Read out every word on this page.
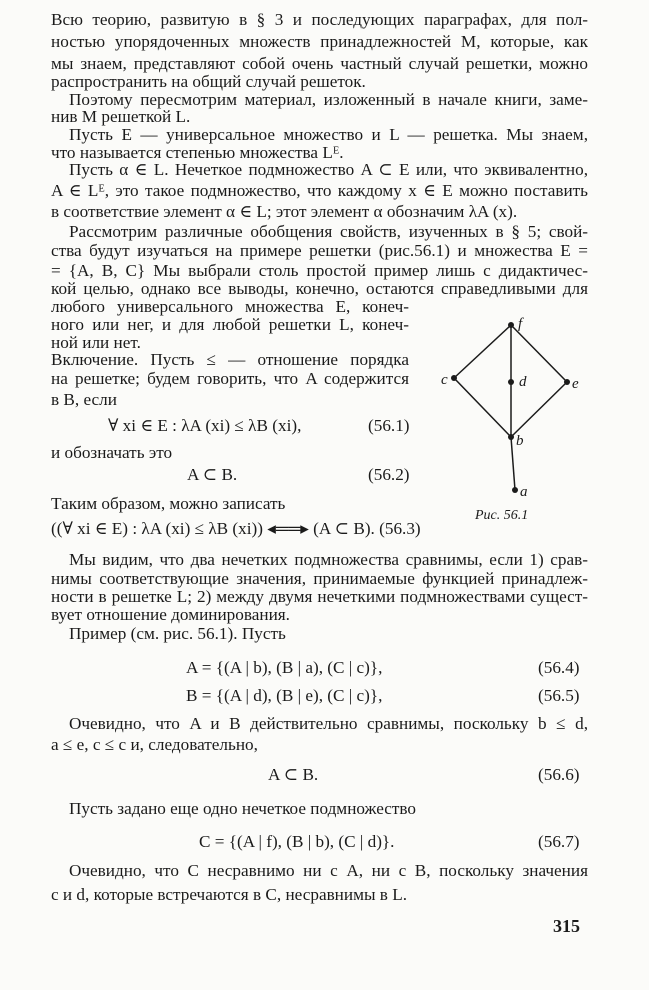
Всю теорию, развитую в § 3 и последующих параграфах, для пол-
ностью упорядоченных множеств принадлежностей M, которые, как
мы знаем, представляют собой очень частный случай решетки, можно
распространить на общий случай решеток.
Поэтому пересмотрим материал, изложенный в начале книги, заме-
нив M решеткой L.
Пусть E — универсальное множество и L — решетка. Мы знаем,
что называется степенью множества Lᴱ.
Пусть α ∈ L. Нечеткое подмножество A ⊂ E или, что эквивалентно,
A ∈ Lᴱ, это такое подмножество, что каждому x ∈ E можно поставить
в соответствие элемент α ∈ L; этот элемент α обозначим λA (x).
Рассмотрим различные обобщения свойств, изученных в § 5; свой-
ства будут изучаться на примере решетки (рис.56.1) и множества E =
= {A, B, C} Мы выбрали столь простой пример лишь с дидактичес-
кой целью, однако все выводы, конечно, остаются справедливыми для
любого универсального множества E, конеч-
ного или нег, и для любой решетки L, конеч-
ной или нет.
Включение. Пусть ≤ — отношение порядка
на решетке; будем говорить, что A содержится
в B, если
∀ xi ∈ E : λA (xi) ≤ λB (xi),	(56.1)
и обозначать это
A ⊂ B.	(56.2)
Таким образом, можно записать
((∀ xi ∈ E) : λA (xi) ≤ λB (xi)) ◂══▸ (A ⊂ B). (56.3)
f
c	d	e
b
a
Рис. 56.1
Мы видим, что два нечетких подмножества сравнимы, если 1) срав-
нимы соответствующие значения, принимаемые функцией принадлеж-
ности в решетке L; 2) между двумя нечеткими подмножествами сущест-
вует отношение доминирования.
Пример (см. рис. 56.1). Пусть
A = {(A | b), (B | a), (C | c)},	(56.4)
B = {(A | d), (B | e), (C | c)},	(56.5)
Очевидно, что A и B действительно сравнимы, поскольку b ≤ d,
a ≤ e, c ≤ c и, следовательно,
A ⊂ B.	(56.6)
Пусть задано еще одно нечеткое подмножество
C = {(A | f), (B | b), (C | d)}.	(56.7)
Очевидно, что C несравнимо ни с A, ни с B, поскольку значения
c и d, которые встречаются в C, несравнимы в L.
315
